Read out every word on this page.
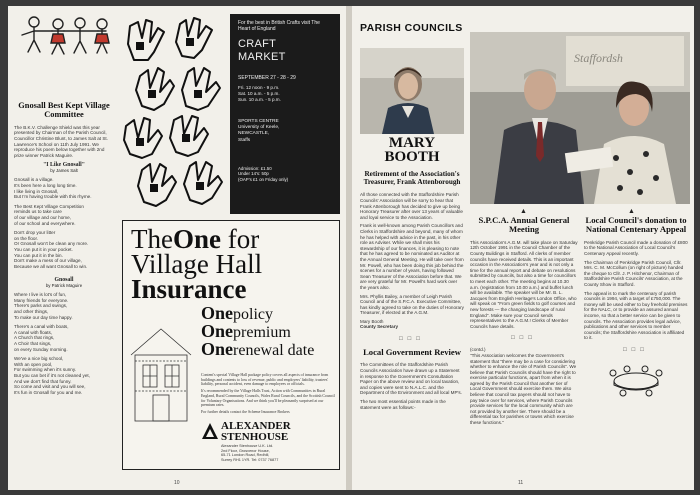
Gnosall Best Kept Village Committee
The B.K.V. Challenge Shield was this year presented by Chairman of the Parish Council, Councillor Christine Blunt, to James Salt at St. Lawrence's School on 11th July 1991. We reproduce his poem below together with 2nd prize winner Patrick Maguire.
"I Like Gnosall"
by James Salt
Gnosall is a village.
It's been here a long long time.
I like living in Gnosall,
But I'm having trouble with this rhyme.
The Best Kept Village Competition
reminds us to take care
of our village and our home,
of our school and everywhere.
Don't drop your litter
on the floor.
Or Gnosall won't be clean any more.
You can put it in your pocket.
You can put it in the bin.
Don't make a mess of our village,
Because we all want Gnosall to win.
Gnosall
by Patrick Maguire
Where I live is lot's of fun,
Many friends for everyone.
There's parks and swings,
and other things,
To make our day time happy.
There's a canal with boats,
A canal with floats,
A Church that rings,
A Choir that sings,
on every Sunday morning.
We've a nice big school,
With an open pool,
For swimming when it's sunny.
But you can bet if it's not cleaned yet,
And we don't find that funny.
So come and visit and you will see,
It's fun in Gnosall for you and me.
For the best in British Crafts visit The Heart of England
CRAFT
MARKET
SEPTEMBER 27 - 28 - 29
Fri. 12 noon - 9 p.m.
Sat. 10 a.m. - 5 p.m.
Sun. 10 a.m. - 5 p.m.
SPORTS CENTRE
University of Keele,
NEWCASTLE,
Staffs
Admission: £1.50
Under 14's: 50p
(OAP's £1 on Friday only)
TheOne for
Village Hall
Insurance
Onepolicy
Onepremium
Onerenewal date

Content's special Village Hall package policy covers all aspects of insurance from buildings and contents to loss of revenue, public and employers' liability, trustees' liability, personal accident, even damage to employees or officials.

It's recommended by the Village Halls Trust, Action with Communities in Rural England, Rural Community Councils, Wales Rural Councils, and the Scottish Council for Voluntary Organisations. And we think you'll be pleasantly surprised at our premium rates.

For further details contact the Scheme Insurance Brokers

ALEXANDER
STENHOUSE
Alexander Stenhouse U.K. Ltd.
2nd Floor, Grosvenor House,
65-71 London Road, Redhill,
Surrey RH1 1YR. Tel: 0737 76877
10
PARISH COUNCILS
Staffordsh
MARY
BOOTH
Retirement of the Association's Treasurer, Frank Attenborough

All those connected with the Staffordshire Parish Councils' Association will be sorry to hear that Frank Attenborough has decided to give up being Honorary Treasurer after over 13 years of valuable and loyal service to the Association.

Frank is well-known among Parish Councillors and Clerks in Staffordshire and beyond, many of whom he has helped with advice in the past, in his other role as Adviser. While we shall miss his stewardship of our finances, it is pleasing to note that he has agreed to be nominated as Auditor at the Annual General Meeting. He will take over from Mr. Powell, who has been doing this job behind the scenes for a number of years, having followed Sean Treasurer of the Association before that. We are very grateful for Mr. Powell's hard work over the years also.

Mrs. Phyllis Bailey, a member of Leigh Parish Council and of the S.P.C.A. Executive Committee, has kindly agreed to take on the duties of Honorary Treasurer, if elected at the A.G.M.

Mary Booth
County Secretary

□□□
Local Government Review

The Committees of the Staffordshire Parish Councils Association have drawn up a Statement in response to the Government's Consultation Paper on the above review and on local taxation, and copies were sent to N.A.L.C. and the Department of the Environment and all local MP's.

The two most essential points made in the statement were as follows:-

▲
S.P.C.A. Annual General Meeting
This Association's A.G.M. will take place on Saturday 12th October 1991 in the Council Chamber of the County Buildings in Stafford. All clerks of member councils have received details. This is an important occasion in the Association's year and is not only a time for the annual report and debate on resolutions submitted by councils, but also a time for councillors to meet each other. The meeting begins at 10.30 a.m. (registration from 10.00 a.m.) and buffet lunch will be available. The speaker will be Mr. B. L. Jacques from English Heritage's London Office, who will speak on "From green fields to golf courses and new forests — the changing landscape of rural England". Make sure your Council sends representatives to the A.G.M.! Clerks of Member Councils have details.
□□□
(contd.)
"This Association welcomes the Government's statement that "there may be a case for considering whether to enhance the role of Parish Councils". We believe that Parish Councils should have the right to exercise particular functions, apart from when it is agreed by the Parish Council that another tier of Local Government should exercise them. We also believe that council tax payers should not have to pay twice over for services, where Parish Councils provide services for the local community which are not provided by another tier. There should be a differential tax for parishes or towns which exercise these functions."
▲
Local Council's donation to National Centenary Appeal

Penkridge Parish Council made a donation of £800 to the National Association of Local Council's Centenary Appeal recently.

The Chairman of Penkridge Parish Council, Cllr. Mrs. C. M. McCollum (on right of picture) handed the cheque to Cllr. J. P. Hitchenor, Chairman of Staffordshire Parish Councils' Association, at the County Show in Stafford.

The appeal is to mark the centenary of parish councils in 1994, with a target of £750,000. The money will be used either to buy freehold premises for the NALC, or to provide an assured annual income, so that a better service can be given to councils. The Association provides legal advice, publications and other services to member councils; the Staffordshire Association is affiliated to it.

□□□
11
